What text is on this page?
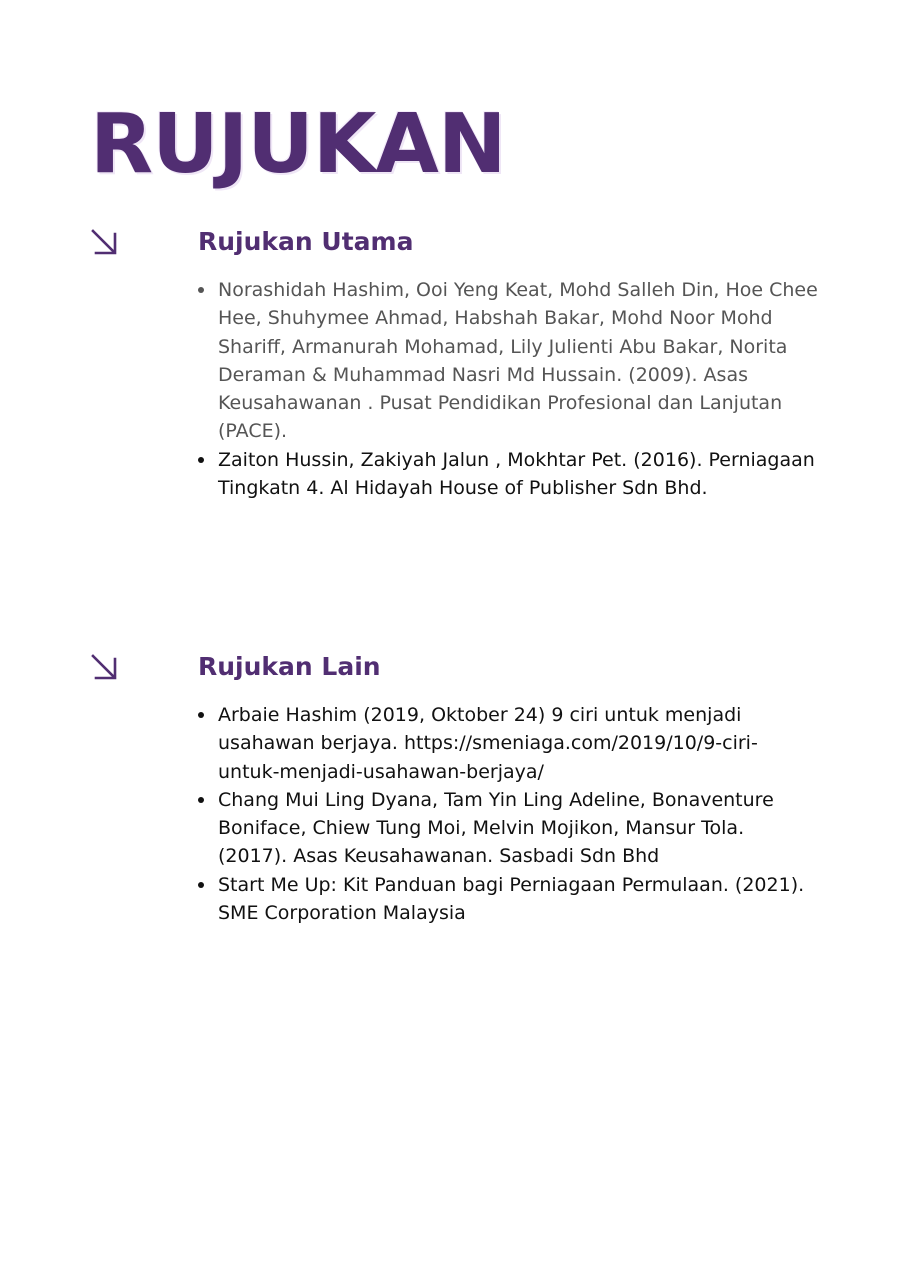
RUJUKAN
Rujukan Utama
Norashidah Hashim, Ooi Yeng Keat, Mohd Salleh Din, Hoe Chee Hee, Shuhymee Ahmad, Habshah Bakar, Mohd Noor Mohd Shariff, Armanurah Mohamad, Lily Julienti Abu Bakar, Norita Deraman & Muhammad Nasri Md Hussain. (2009). Asas Keusahawanan . Pusat Pendidikan Profesional dan Lanjutan (PACE).
Zaiton Hussin, Zakiyah Jalun , Mokhtar Pet. (2016). Perniagaan Tingkatn 4. Al Hidayah House of Publisher Sdn Bhd.
Rujukan Lain
Arbaie Hashim (2019, Oktober 24) 9 ciri untuk menjadi usahawan berjaya. https://smeniaga.com/2019/10/9-ciri-untuk-menjadi-usahawan-berjaya/
Chang Mui Ling Dyana, Tam Yin Ling Adeline, Bonaventure Boniface, Chiew Tung Moi, Melvin Mojikon, Mansur Tola. (2017). Asas Keusahawanan. Sasbadi Sdn Bhd
Start Me Up: Kit Panduan bagi Perniagaan Permulaan. (2021). SME Corporation Malaysia
